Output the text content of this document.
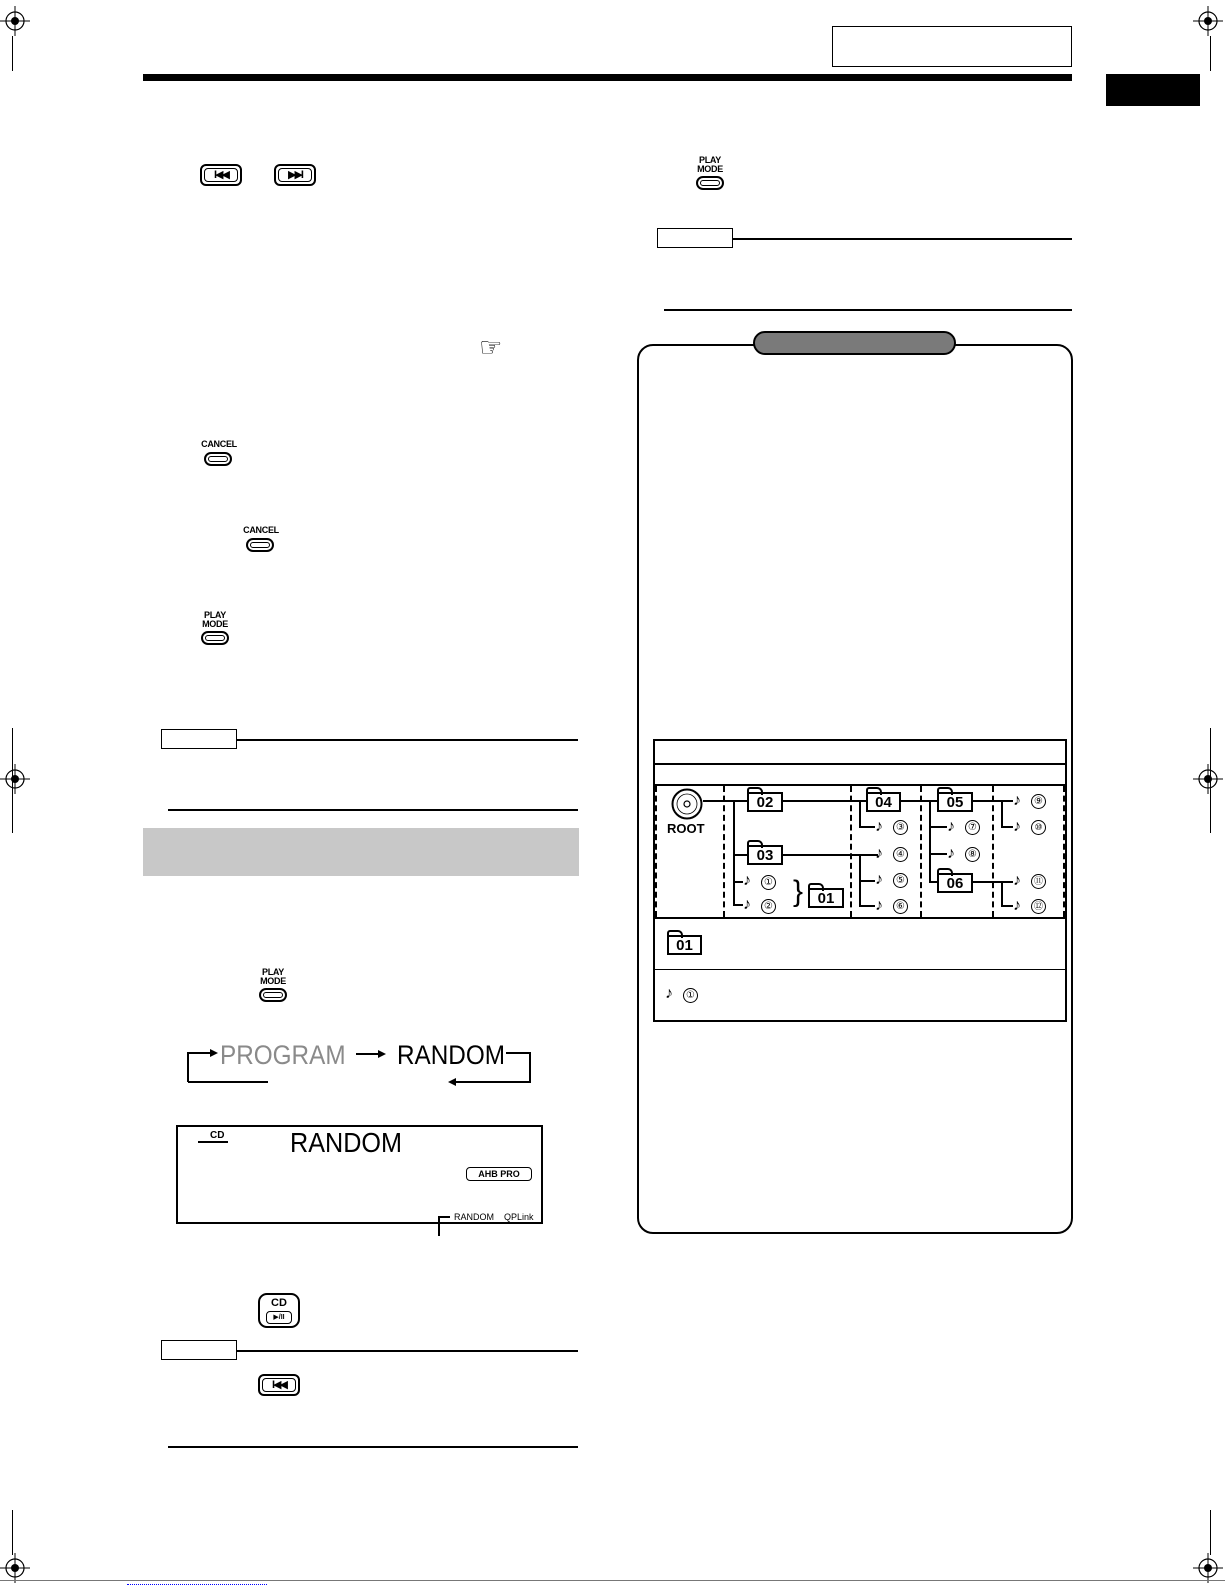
I◀◀	▶▶I
☞
CANCEL
CANCEL
PLAY
MODE
PLAY
MODE
PROGRAM RANDOM
CD RANDOM
AHB PRO
RANDOM QPLink
CD
▶/II
I◀◀
PLAY
MODE
ROOT
02
03
01
04	05
06
}
♪	①
♪	②
♪	③
♪	④
♪	⑤
♪	⑥
♪	⑦
♪	⑧
♪	⑨
♪	⑩
♪	⑪
♪	⑫
01
♪	①
